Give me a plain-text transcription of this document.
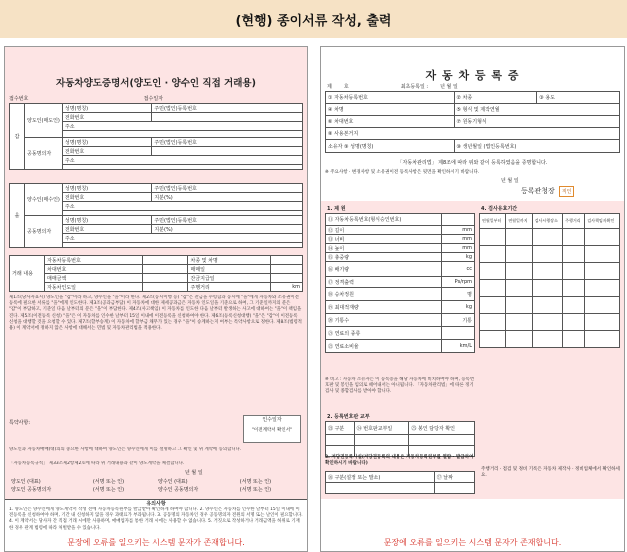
(현행) 종이서류 작성, 출력
자동차양도증명서(양도인 · 양수인 직접 거래용)
접수번호	접수일자
갑	양도인(매도인)	성명(명칭)	주민(법인)등록번호
		전화번호	
		주소	

	공동명의자	성명(명칭)	주민(법인)등록번호
		전화번호	
		주소	

을	양수인(매수인)	성명(명칭)	주민(법인)등록번호
		전화번호	지분(%)
		주소	

	공동명의자	성명(명칭)	주민(법인)등록번호
		전화번호	지분(%)
		주소	

거래 내용	자동차등록번호		차종 및 차명	
	차대번호		매매일	
	매매금액		잔금지급일	
	자동차인도일		주행거리	km
제1조(당사자표시) 양도인을 "갑"이라 하고, 양수인을 "을"이라 한다. 제2조(동시이행 등) "갑"은 잔금을 수령함과 동시에 "을"에게 자동차와 소유권이전등록에 필요한 서류를 "을"에게 인도한다. 제3조(공과금부담) 이 자동차에 대한 제세공과금은 자동차 인도일을 기준으로 하여, 그 기준일까지의 분은 "갑"이 부담하고, 기준일 다음 날부터의 분은 "을"이 부담한다. 제4조(사고책임) 이 자동차를 인도한 다음 날부터 발생하는 사고에 대하여는 "을"이 책임을 진다. 제5조(이전등록 신청) "을"은 이 자동차를 인수한 날부터 15일 이내에 이전등록을 신청하여야 한다. 제6조(등록신청대행) "을"은 "갑"이 이전등록 신청을 대행할 것을 요청할 수 있다. 제7조(할부승계) 이 자동차에 할부금 채무가 있는 경우 "을"이 승계하는지 여부는 특약사항으로 정한다. 제8조(법령적용) 이 계약서에 정하지 않은 사항에 대해서는 민법 및 자동차관리법을 적용한다.
특약사항:	인수일자
"이전계약서 확인서"
양도인과 자동차매매(대)의의 중요한 사항에 대하여 양도인은 양수인에게 이를 설명하고 그 확인 및 위 계약에 동의합니다.
「자동차등록규칙」 제33조제2항제2호에 따라 위 거래내용과 같이 양도계약을 체결합니다.
년 월 일
양도인 (대표)	(서명 또는 인)	양수인 (대표)	(서명 또는 인)
양도인 공동명의자	(서명 또는 인)	양수인 공동명의자	(서명 또는 인)
유의사항
1. 양도인은 양수인에게 양도계약서 작성 전에 자동차등록원부를 발급받아 확인하게 하여야 합니다. 2. 양수인은 자동차를 인수한 날부터 15일 이내에 이전등록을 신청하여야 하며, 기간 내 신청하지 않을 경우 과태료가 부과됩니다. 3. 공동명의 자동차인 경우 공동명의자 전원의 서명 또는 날인이 필요합니다. 4. 이 계약서는 당사자 간 직접 거래 시에만 사용하며, 매매업자를 통한 거래 시에는 사용할 수 없습니다. 5. 거짓으로 작성하거나 거래금액을 허위로 기재한 경우 관계 법령에 따라 처벌받을 수 있습니다.
문장에 오류를 일으키는 시스템 문자가 존재합니다.
자 동 차 등 록 증
제 호	최초등록일 : 년 월 일
① 자동차등록번호	② 차종	③ 용도
④ 차명	⑤ 형식 및 제작연월	
⑥ 차대번호	⑦ 원동기형식	
⑧ 사용본거지		
소유자 ⑨ 성명(명칭)	⑩ 생년월일 (법인등록번호)	
「자동차관리법」 제8조에 따라 위와 같이 등록하였음을 증명합니다.
※ 주요사항 · 변경사항 및 소유권이전 등록사항은 뒷면을 확인하시기 바랍니다.
년 월 일
등록관청장 직인
1. 제 원
⑪ 자동차등록번호(형식승인번호)	
⑫ 길이	mm
⑬ 너비	mm
⑭ 높이	mm
⑮ 총중량	kg
⑯ 배기량	cc
⑰ 정격출력	Ps/rpm
⑱ 승차정원	명
⑲ 최대적재량	kg
⑳ 기통수	기통
㉑ 연료의 종류	
㉒ 연료소비율	km/L
4. 검사유효기간
연월일부터	연월일까지	검사시행장소	주행거리	검사책임자확인

※ 비고 : 자동차 소유자는 이 등록증을 해당 자동차에 비치하여야 하며, 등록번호판 및 봉인을 임의로 떼어내서는 아니됩니다. 「자동차관리법」에 따른 정기검사 및 종합검사를 받아야 합니다.
2. 등록번호판 교부
㉓ 구분	㉔ 번호판교부일	㉕ 봉인 담당자 확인

3. 저당권등록사실(저당권등록의 내용은 자동차등록원부를 열람 · 발급하여 확인하시기 바랍니다)
㉖ 구분(설정 또는 말소)	㉗ 날짜

주행거리 · 점검 및 정비 기록은 자동차 제작사 · 정비업체에서 확인하세요.
문장에 오류를 일으키는 시스템 문자가 존재합니다.
